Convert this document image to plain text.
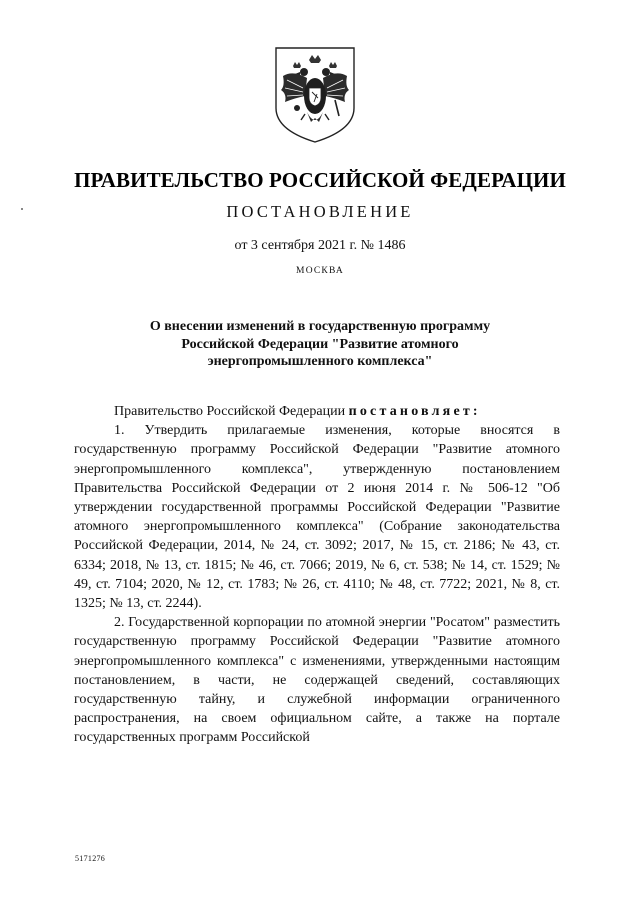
ПРАВИТЕЛЬСТВО РОССИЙСКОЙ ФЕДЕРАЦИИ
ПОСТАНОВЛЕНИЕ
от 3 сентября 2021 г. № 1486
МОСКВА
О внесении изменений в государственную программу Российской Федерации "Развитие атомного энергопромышленного комплекса"

Правительство Российской Федерации постановляет:

1. Утвердить прилагаемые изменения, которые вносятся в государственную программу Российской Федерации "Развитие атомного энергопромышленного комплекса", утвержденную постановлением Правительства Российской Федерации от 2 июня 2014 г. № 506-12 "Об утверждении государственной программы Российской Федерации "Развитие атомного энергопромышленного комплекса" (Собрание законодательства Российской Федерации, 2014, № 24, ст. 3092; 2017, № 15, ст. 2186; № 43, ст. 6334; 2018, № 13, ст. 1815; № 46, ст. 7066; 2019, № 6, ст. 538; № 14, ст. 1529; № 49, ст. 7104; 2020, № 12, ст. 1783; № 26, ст. 4110; № 48, ст. 7722; 2021, № 8, ст. 1325; № 13, ст. 2244).

2. Государственной корпорации по атомной энергии "Росатом" разместить государственную программу Российской Федерации "Развитие атомного энергопромышленного комплекса" с изменениями, утвержденными настоящим постановлением, в части, не содержащей сведений, составляющих государственную тайну, и служебной информации ограниченного распространения, на своем официальном сайте, а также на портале государственных программ Российской

5171276
